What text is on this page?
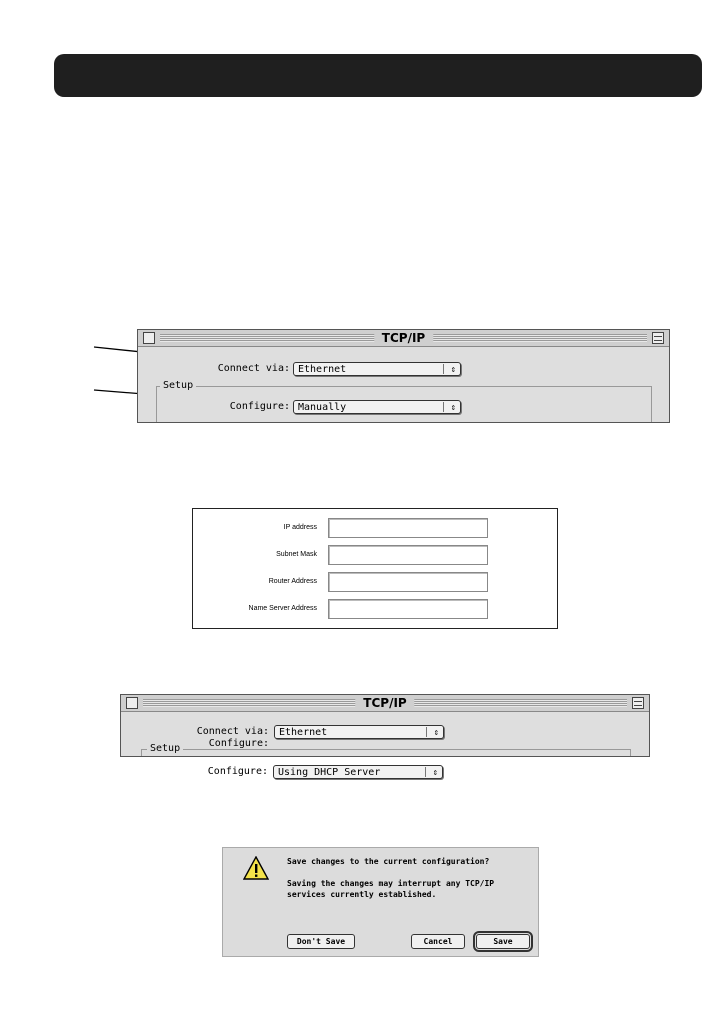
TCP/IP
Connect via: Ethernet	⇕
Setup
Configure: Manually	⇕
IP address
Subnet Mask
Router Address
Name Server Address
TCP/IP
Connect via:	Ethernet	⇕
Setup	Configure:
Configure:	Using DHCP Server	⇕
Save changes to the current configuration?
Saving the changes may interrupt any TCP/IP
services currently established.
Don't Save	Cancel	Save
